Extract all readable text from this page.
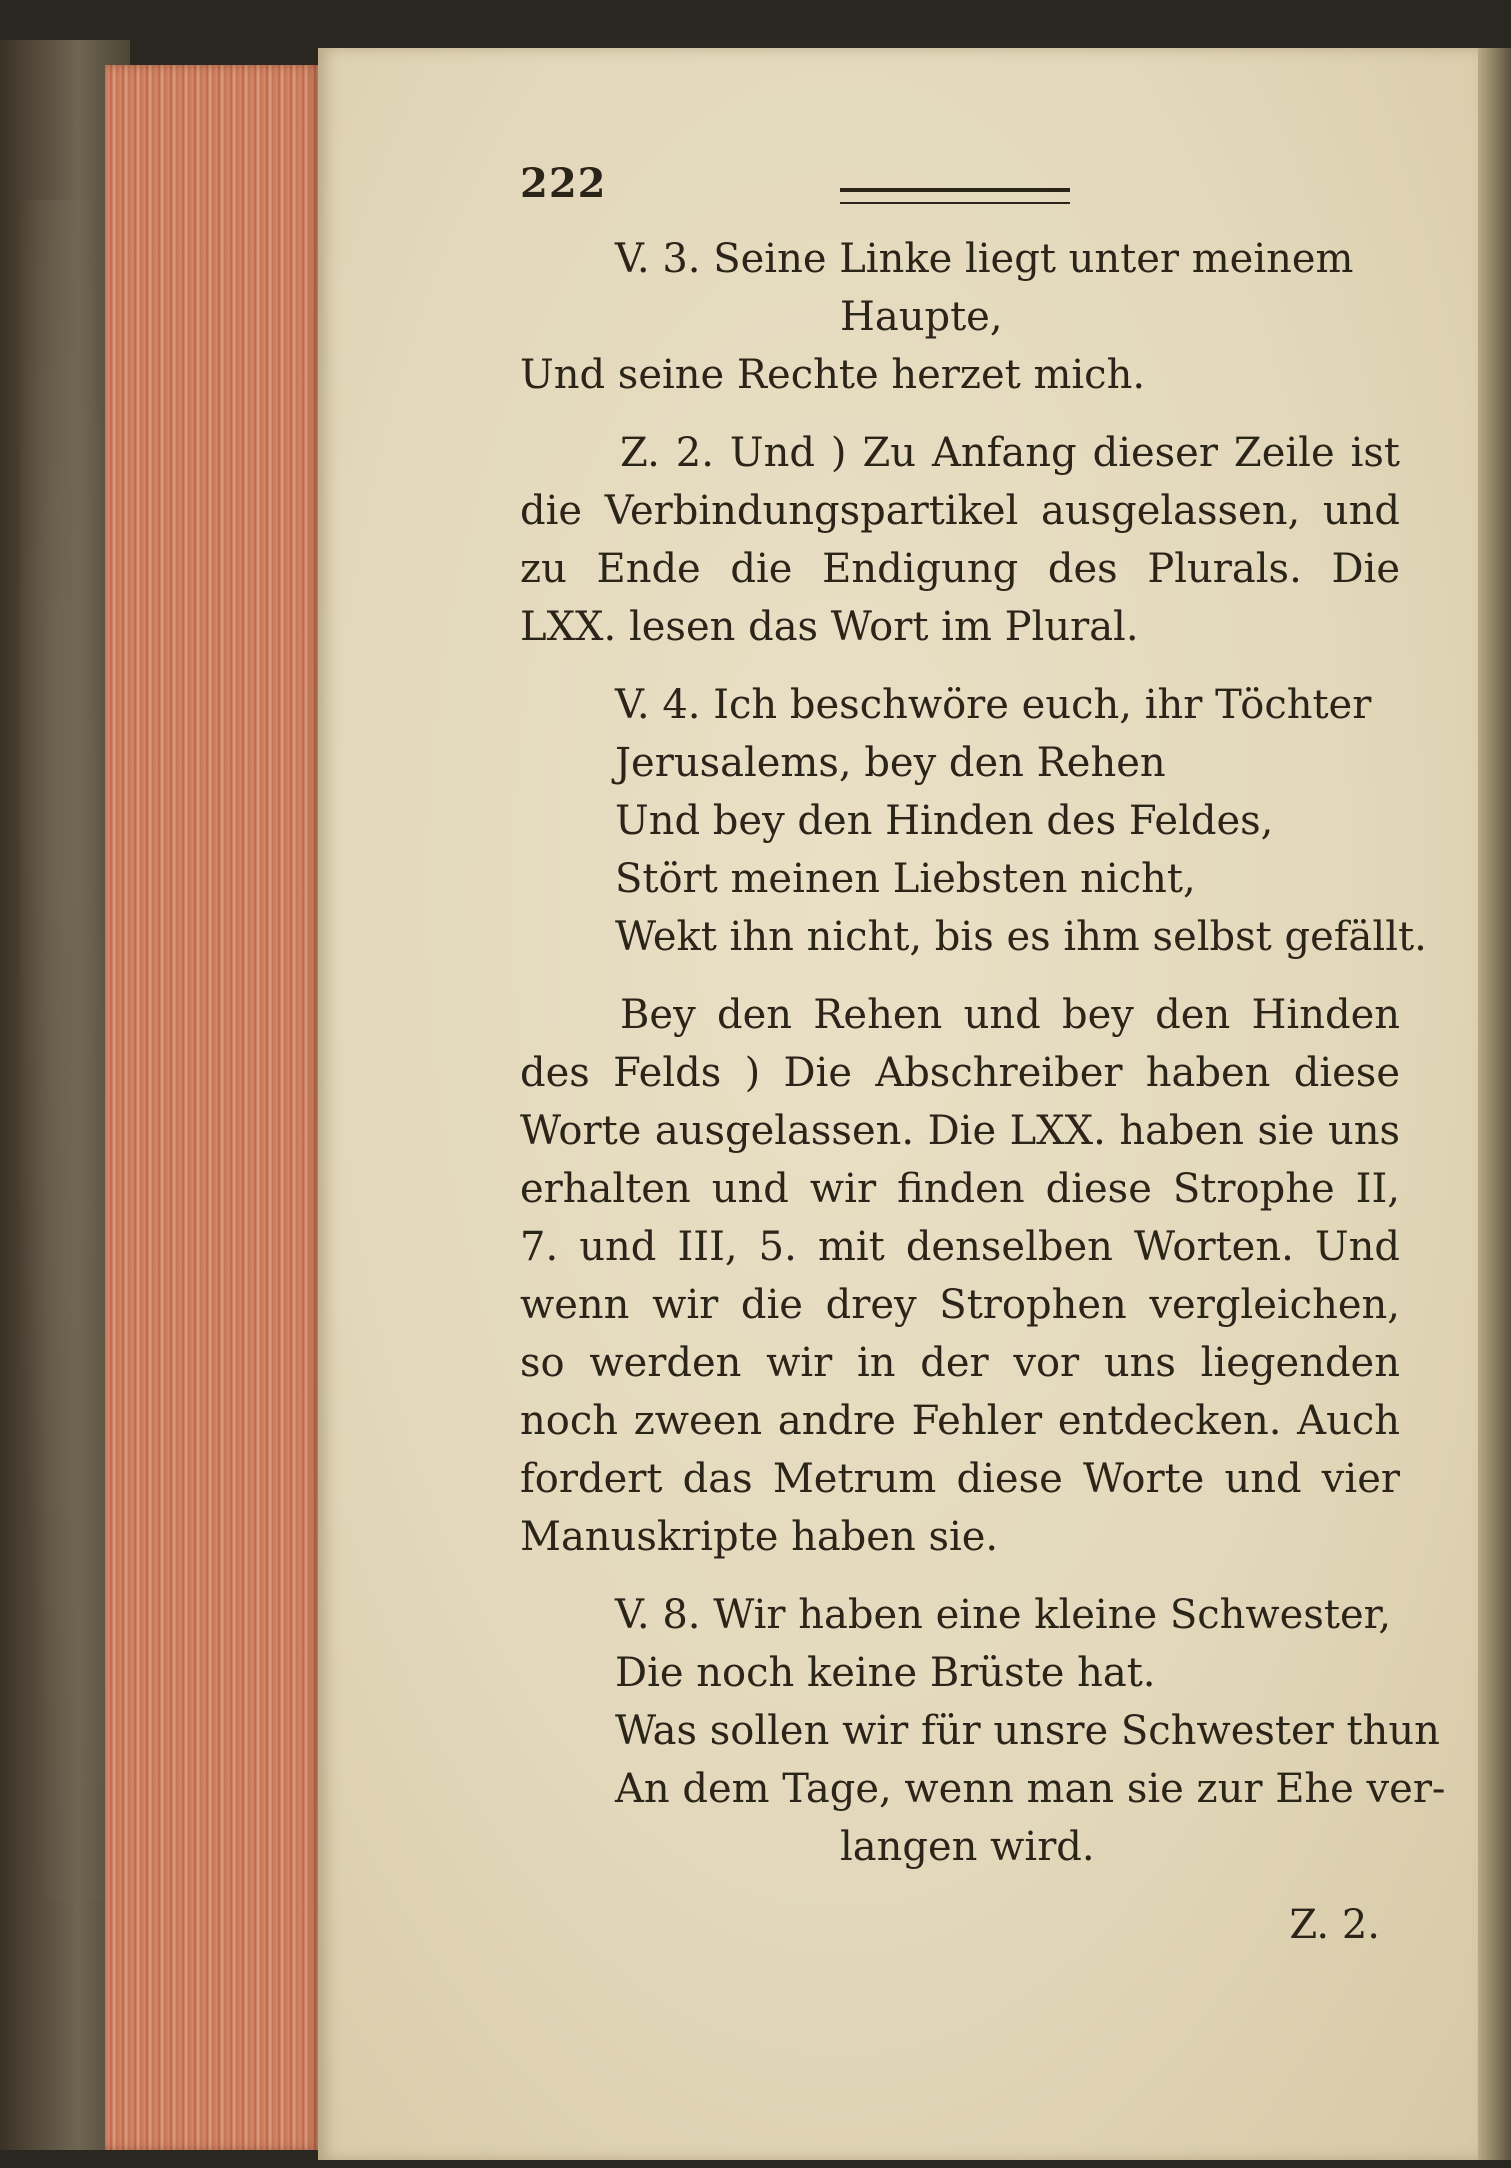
222
V. 3. Seine Linke liegt unter meinem
Haupte,
Und seine Rechte herzet mich.

Z. 2. Und ) Zu Anfang dieser Zeile ist die Verbindungspartikel ausgelassen, und zu Ende die Endigung des Plurals. Die LXX. lesen das Wort im Plural.

V. 4. Ich beschwöre euch, ihr Töchter
Jerusalems, bey den Rehen
Und bey den Hinden des Feldes,
Stört meinen Liebsten nicht,
Wekt ihn nicht, bis es ihm selbst gefällt.

Bey den Rehen und bey den Hinden des Felds ) Die Abschreiber haben diese Worte ausgelassen. Die LXX. haben sie uns erhalten und wir finden diese Strophe II, 7. und III, 5. mit denselben Worten. Und wenn wir die drey Strophen vergleichen, so werden wir in der vor uns liegenden noch zween andre Fehler entdecken. Auch fordert das Metrum diese Worte und vier Manuskripte haben sie.

V. 8. Wir haben eine kleine Schwester,
Die noch keine Brüste hat.
Was sollen wir für unsre Schwester thun
An dem Tage, wenn man sie zur Ehe ver-
langen wird.

Z. 2.
